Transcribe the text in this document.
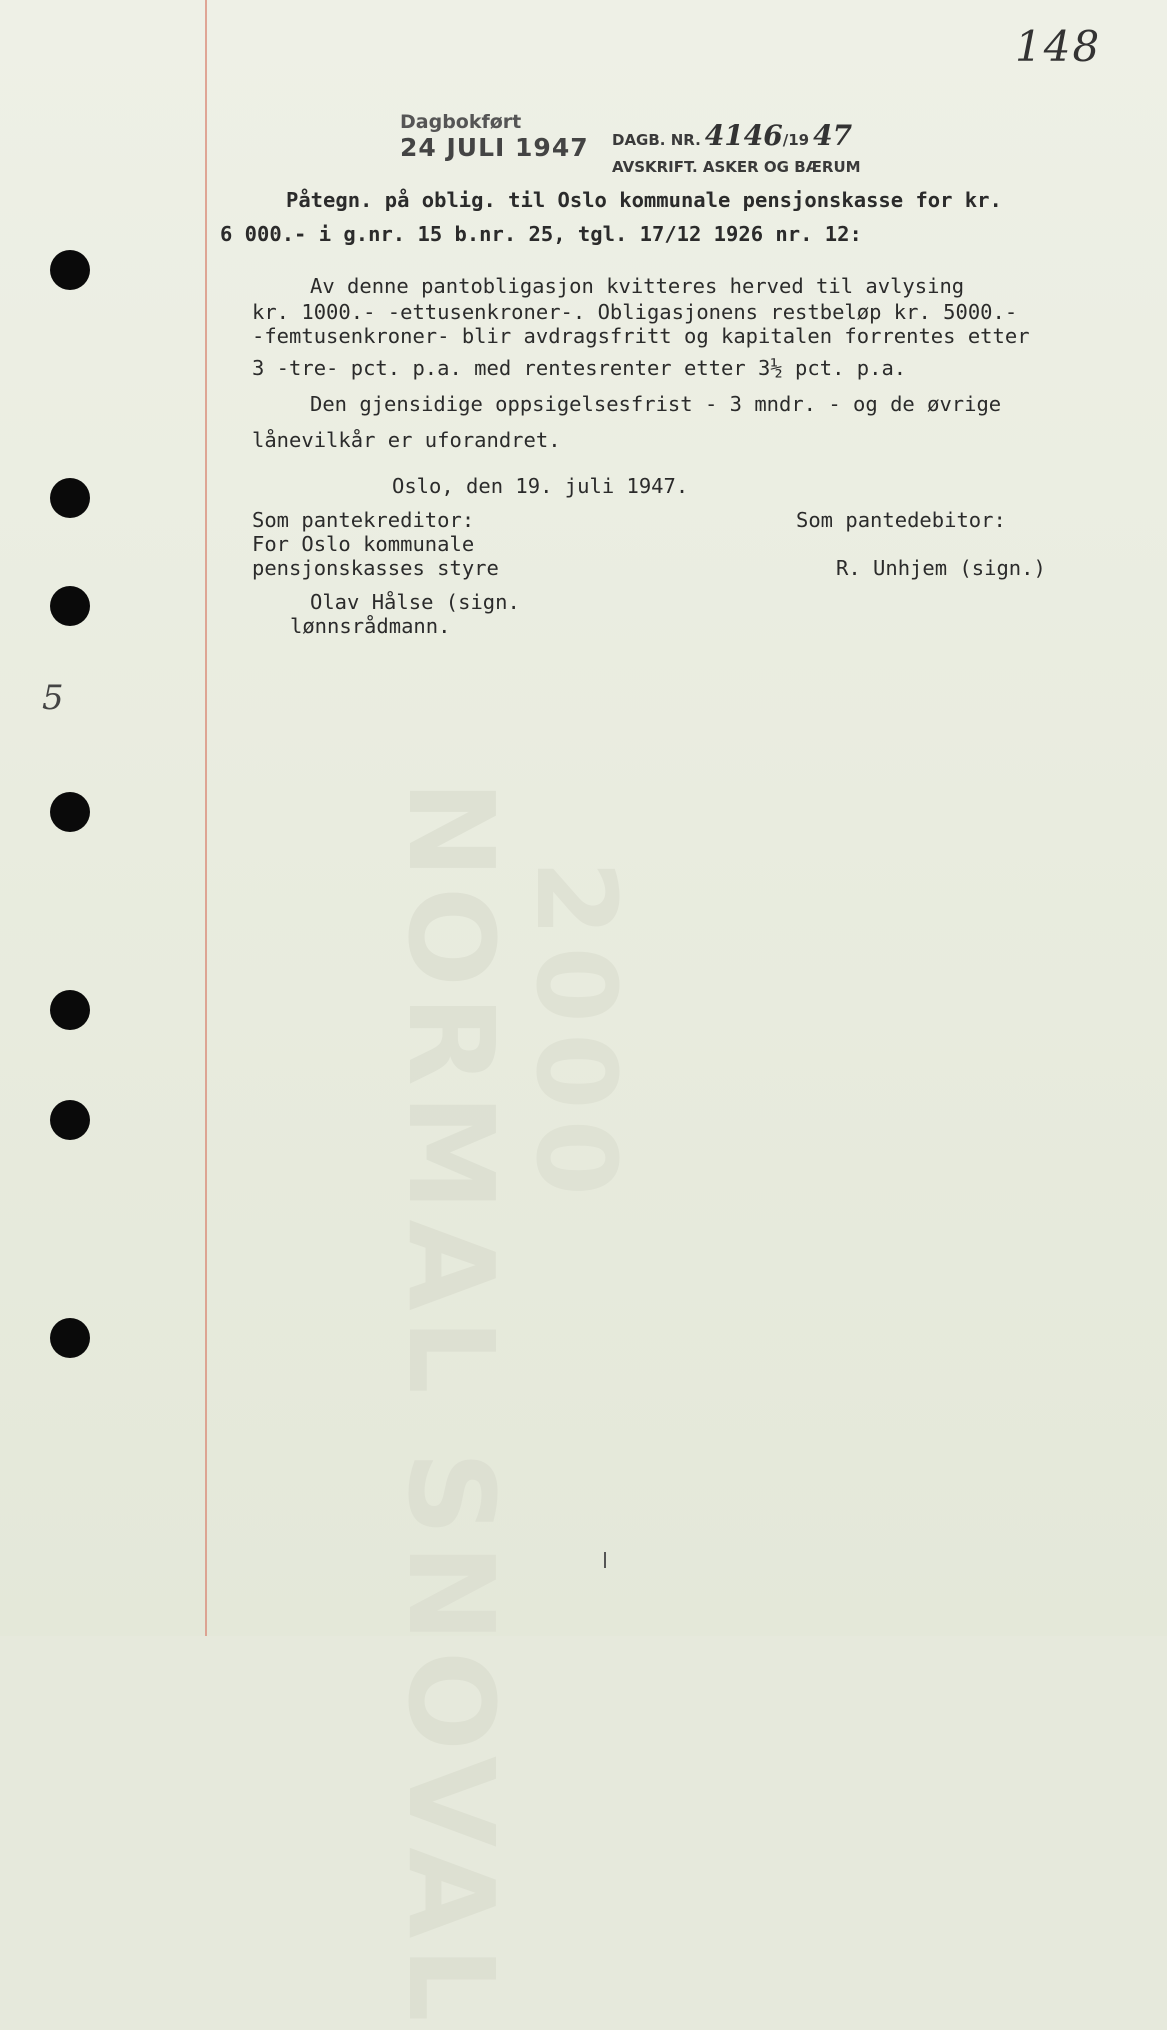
NORMAL SNOVAL
2000
148
Dagbokført
24 JULI 1947 DAGB. NR. 4146/19 47
AVSKRIFT. ASKER OG BÆRUM
Påtegn. på oblig. til Oslo kommunale pensjonskasse for kr.
6 000.- i g.nr. 15 b.nr. 25, tgl. 17/12 1926 nr. 12:
Av denne pantobligasjon kvitteres herved til avlysing
kr. 1000.- -ettusenkroner-. Obligasjonens restbeløp kr. 5000.-
-femtusenkroner- blir avdragsfritt og kapitalen forrentes etter
3 -tre- pct. p.a. med rentesrenter etter 3½ pct. p.a.
Den gjensidige oppsigelsesfrist - 3 mndr. - og de øvrige
lånevilkår er uforandret.
Oslo, den 19. juli 1947.
Som pantekreditor:
For Oslo kommunale
pensjonskasses styre
Olav Hålse (sign.
lønnsrådmann.
Som pantedebitor:
R. Unhjem (sign.)
5
